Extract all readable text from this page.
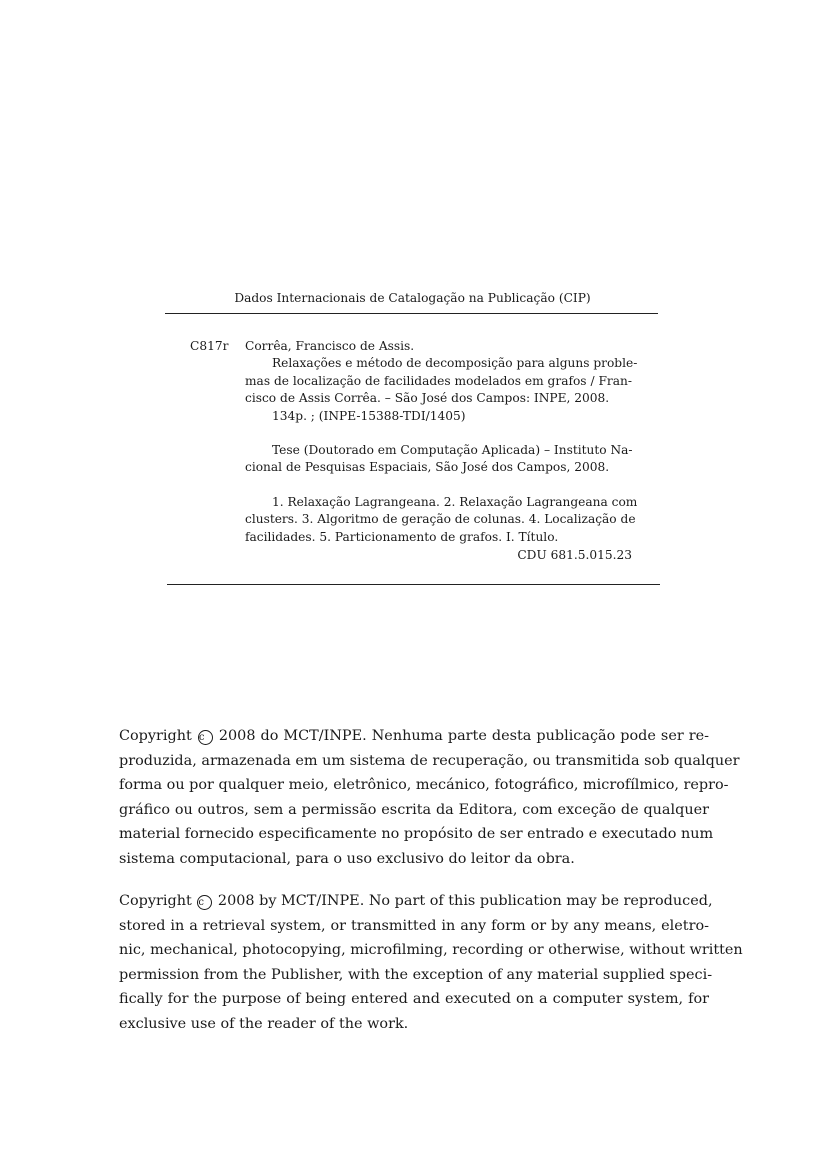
Dados Internacionais de Catalogação na Publicação (CIP)
C817r Corrêa, Francisco de Assis.
Relaxações e método de decomposição para alguns proble-
mas de localização de facilidades modelados em grafos / Fran-
cisco de Assis Corrêa. – São José dos Campos: INPE, 2008.
134p. ; (INPE-15388-TDI/1405)
Tese (Doutorado em Computação Aplicada) – Instituto Na-
cional de Pesquisas Espaciais, São José dos Campos, 2008.
1. Relaxação Lagrangeana. 2. Relaxação Lagrangeana com
clusters. 3. Algoritmo de geração de colunas. 4. Localização de
facilidades. 5. Particionamento de grafos. I. Título.
CDU 681.5.015.23
Copyright c 2008 do MCT/INPE. Nenhuma parte desta publicação pode ser re-
produzida, armazenada em um sistema de recuperação, ou transmitida sob qualquer
forma ou por qualquer meio, eletrônico, mecánico, fotográfico, microfílmico, repro-
gráfico ou outros, sem a permissão escrita da Editora, com exceção de qualquer
material fornecido especificamente no propósito de ser entrado e executado num
sistema computacional, para o uso exclusivo do leitor da obra.
Copyright c 2008 by MCT/INPE. No part of this publication may be reproduced,
stored in a retrieval system, or transmitted in any form or by any means, eletro-
nic, mechanical, photocopying, microfilming, recording or otherwise, without written
permission from the Publisher, with the exception of any material supplied speci-
fically for the purpose of being entered and executed on a computer system, for
exclusive use of the reader of the work.
